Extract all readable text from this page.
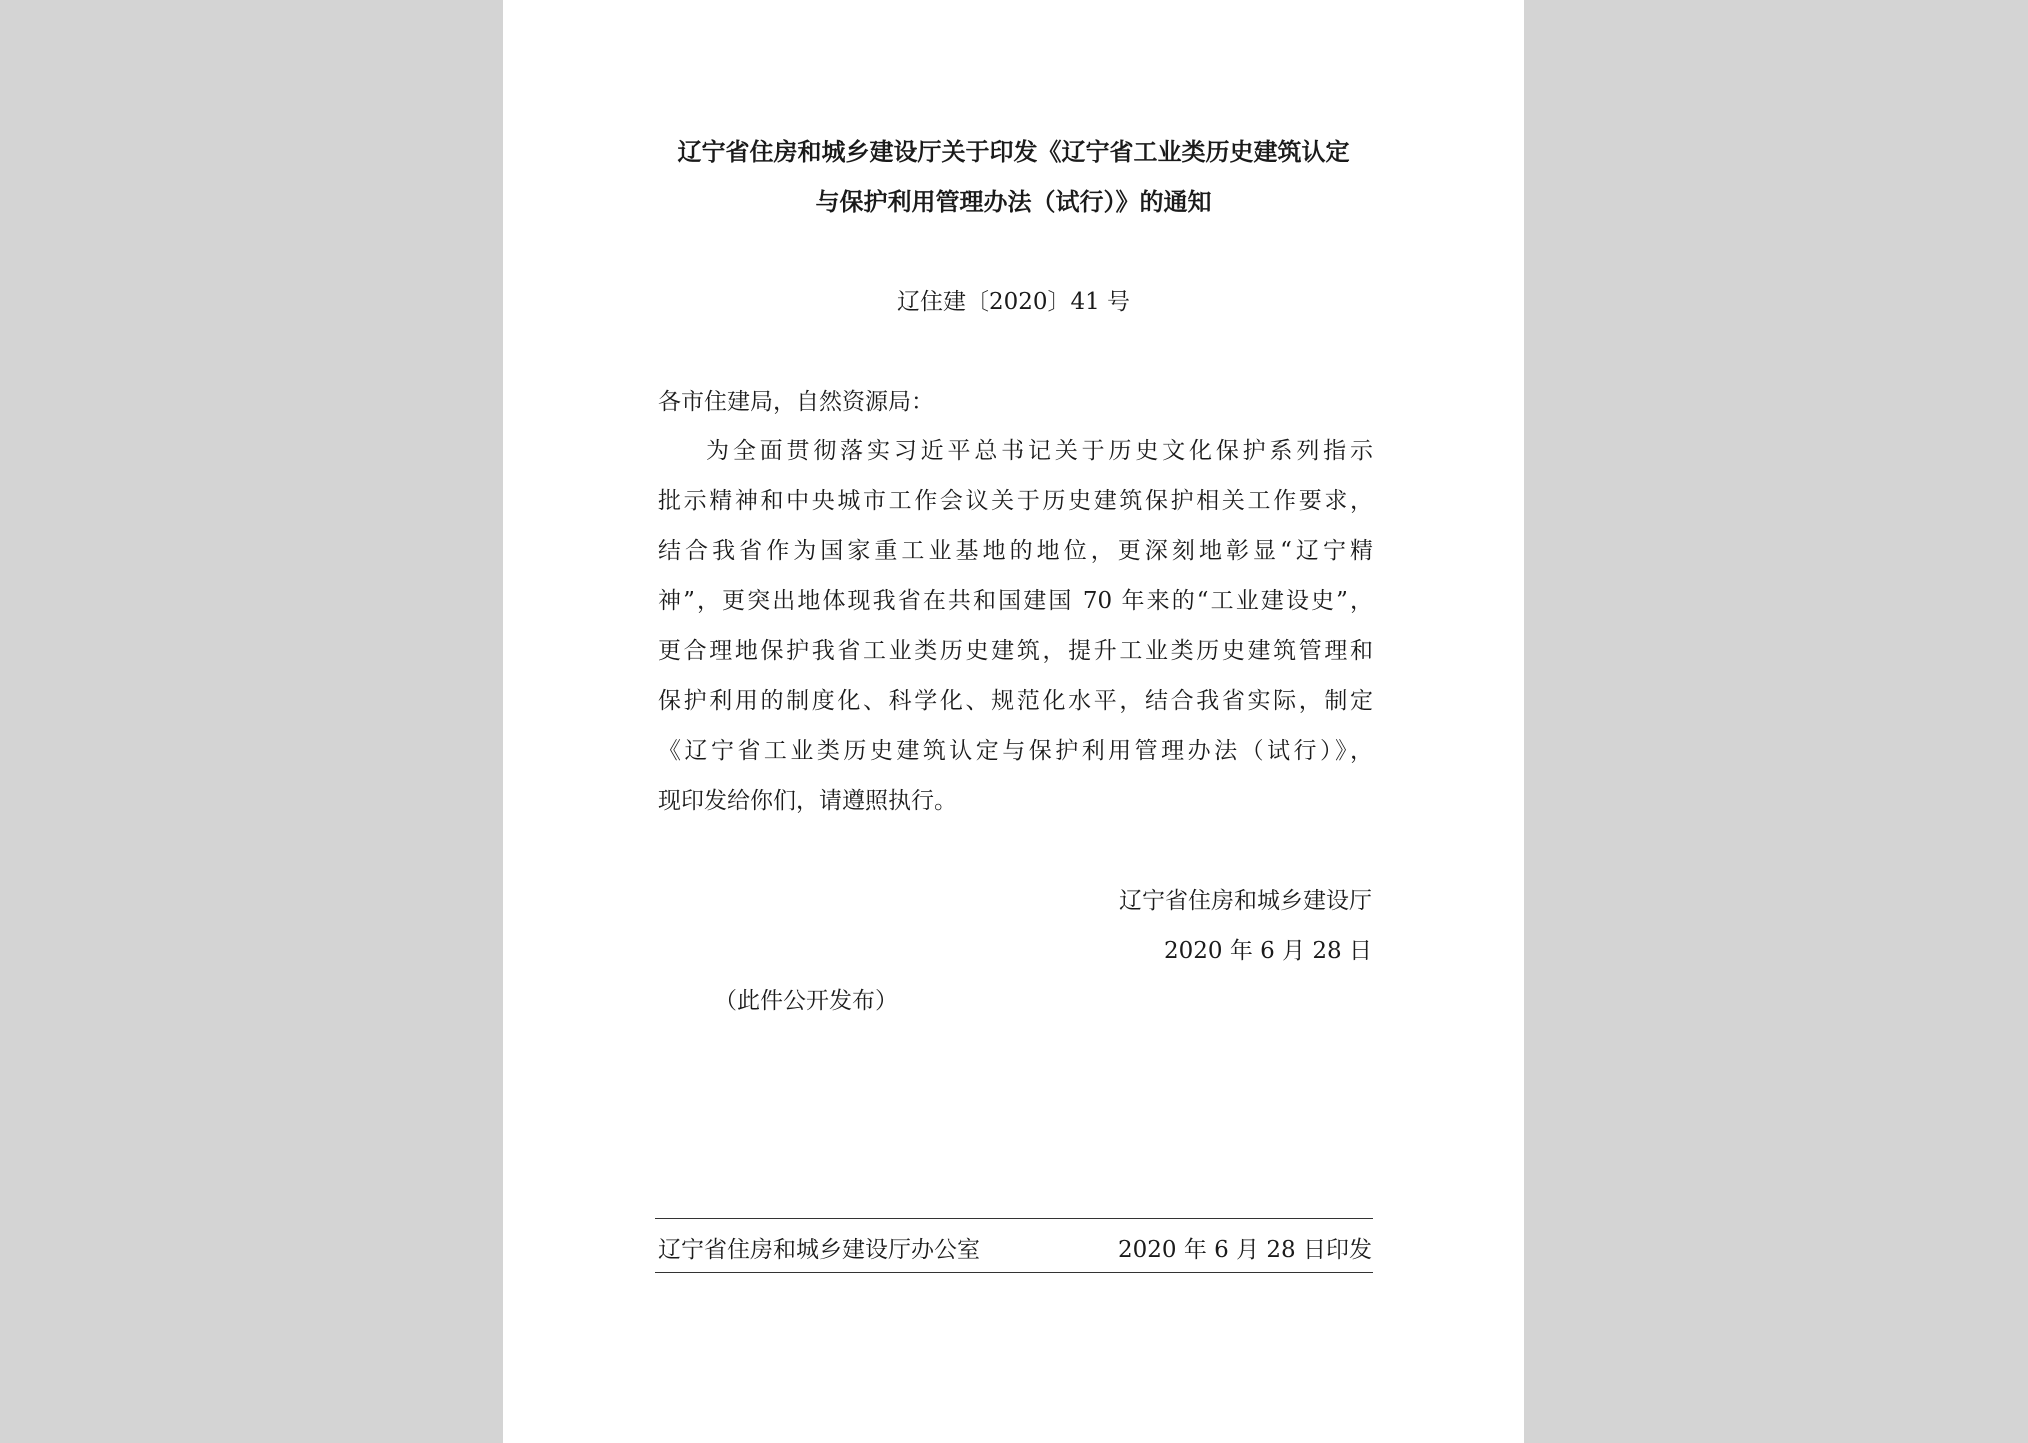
辽宁省住房和城乡建设厅关于印发《辽宁省工业类历史建筑认定
与保护利用管理办法（试行）》的通知
辽住建〔2020〕41 号
各市住建局，自然资源局：
为全面贯彻落实习近平总书记关于历史文化保护系列指示
批示精神和中央城市工作会议关于历史建筑保护相关工作要求，
结合我省作为国家重工业基地的地位，更深刻地彰显“辽宁精
神”，更突出地体现我省在共和国建国 70 年来的“工业建设史”，
更合理地保护我省工业类历史建筑，提升工业类历史建筑管理和
保护利用的制度化、科学化、规范化水平，结合我省实际，制定
《辽宁省工业类历史建筑认定与保护利用管理办法（试行）》，
现印发给你们，请遵照执行。
辽宁省住房和城乡建设厅
2020 年 6 月 28 日
（此件公开发布）
辽宁省住房和城乡建设厅办公室	2020 年 6 月 28 日印发
